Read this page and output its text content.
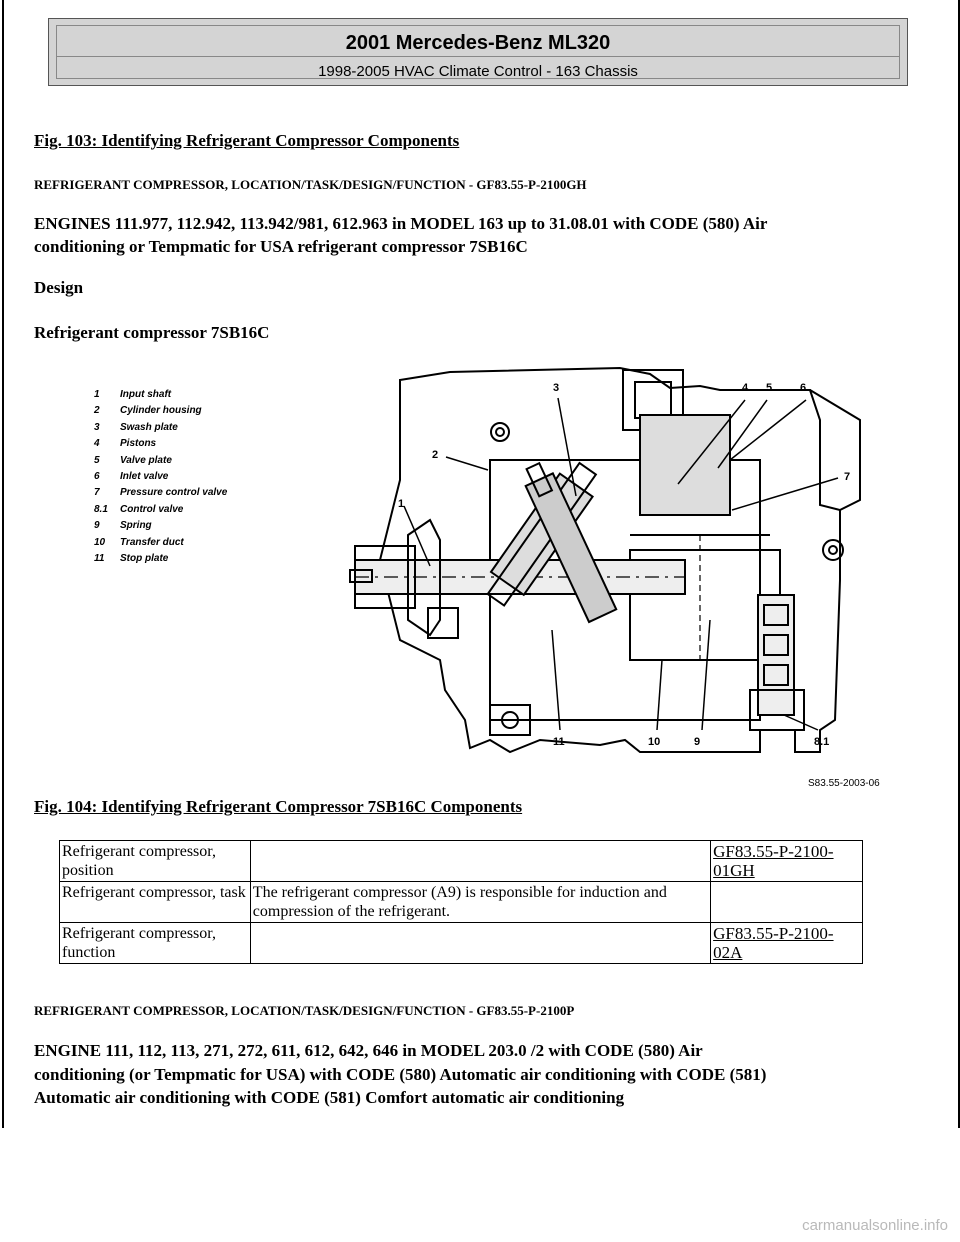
2001 Mercedes-Benz ML320
1998-2005 HVAC Climate Control - 163 Chassis
Fig. 103: Identifying Refrigerant Compressor Components
REFRIGERANT COMPRESSOR, LOCATION/TASK/DESIGN/FUNCTION - GF83.55-P-2100GH
ENGINES 111.977, 112.942, 113.942/981, 612.963 in MODEL 163 up to 31.08.01 with CODE (580) Air
conditioning or Tempmatic for USA refrigerant compressor 7SB16C
Design
Refrigerant compressor 7SB16C
1 Input shaft
2 Cylinder housing
3 Swash plate
4 Pistons
5 Valve plate
6 Inlet valve
7 Pressure control valve
8.1 Control valve
9 Spring
10 Transfer duct
11 Stop plate
3	4 5	6
2
7
1
11	10	9	8.1
S83.55-2003-06
Fig. 104: Identifying Refrigerant Compressor 7SB16C Components
Refrigerant compressor, position		GF83.55-P-2100-01GH
Refrigerant compressor, task	The refrigerant compressor (A9) is responsible for induction and compression of the refrigerant.	
Refrigerant compressor, function		GF83.55-P-2100-02A
REFRIGERANT COMPRESSOR, LOCATION/TASK/DESIGN/FUNCTION - GF83.55-P-2100P
ENGINE 111, 112, 113, 271, 272, 611, 612, 642, 646 in MODEL 203.0 /2 with CODE (580) Air
conditioning (or Tempmatic for USA) with CODE (580) Automatic air conditioning with CODE (581)
Automatic air conditioning with CODE (581) Comfort automatic air conditioning
carmanualsonline.info
